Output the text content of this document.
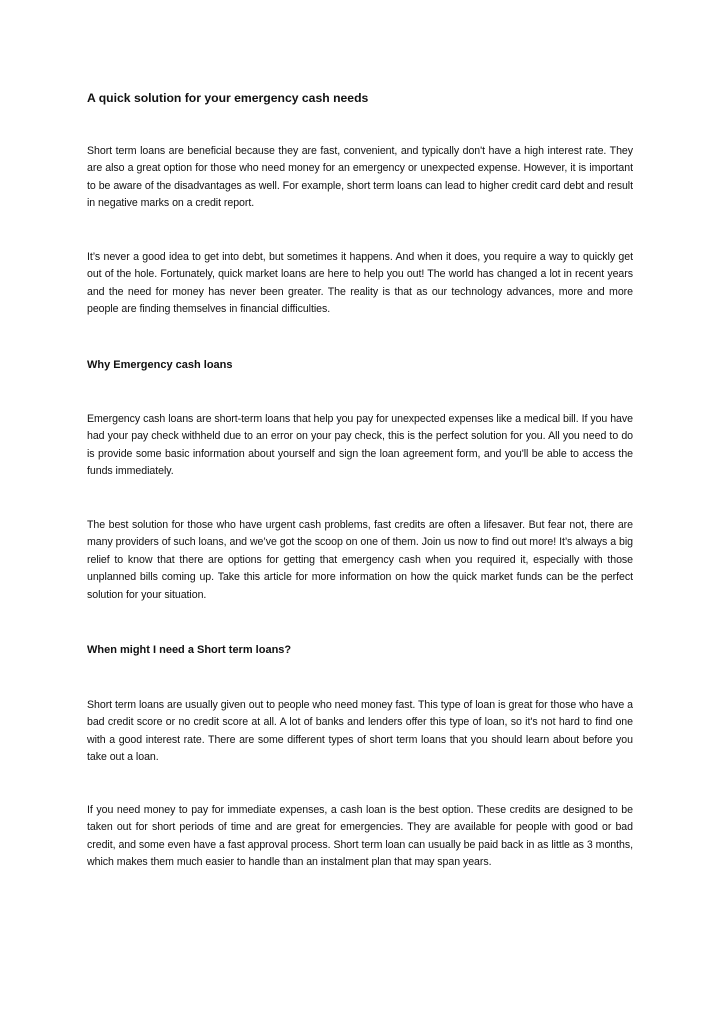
A quick solution for your emergency cash needs

Short term loans are beneficial because they are fast, convenient, and typically don't have a high interest rate. They are also a great option for those who need money for an emergency or unexpected expense. However, it is important to be aware of the disadvantages as well. For example, short term loans can lead to higher credit card debt and result in negative marks on a credit report.

It’s never a good idea to get into debt, but sometimes it happens. And when it does, you require a way to quickly get out of the hole. Fortunately, quick market loans are here to help you out! The world has changed a lot in recent years and the need for money has never been greater. The reality is that as our technology advances, more and more people are finding themselves in financial difficulties.

Why Emergency cash loans

Emergency cash loans are short-term loans that help you pay for unexpected expenses like a medical bill. If you have had your pay check withheld due to an error on your pay check, this is the perfect solution for you. All you need to do is provide some basic information about yourself and sign the loan agreement form, and you'll be able to access the funds immediately.

The best solution for those who have urgent cash problems, fast credits are often a lifesaver. But fear not, there are many providers of such loans, and we’ve got the scoop on one of them. Join us now to find out more! It’s always a big relief to know that there are options for getting that emergency cash when you required it, especially with those unplanned bills coming up. Take this article for more information on how the quick market funds can be the perfect solution for your situation.

When might I need a Short term loans?

Short term loans are usually given out to people who need money fast. This type of loan is great for those who have a bad credit score or no credit score at all. A lot of banks and lenders offer this type of loan, so it's not hard to find one with a good interest rate. There are some different types of short term loans that you should learn about before you take out a loan.

If you need money to pay for immediate expenses, a cash loan is the best option. These credits are designed to be taken out for short periods of time and are great for emergencies. They are available for people with good or bad credit, and some even have a fast approval process. Short term loan can usually be paid back in as little as 3 months, which makes them much easier to handle than an instalment plan that may span years.
